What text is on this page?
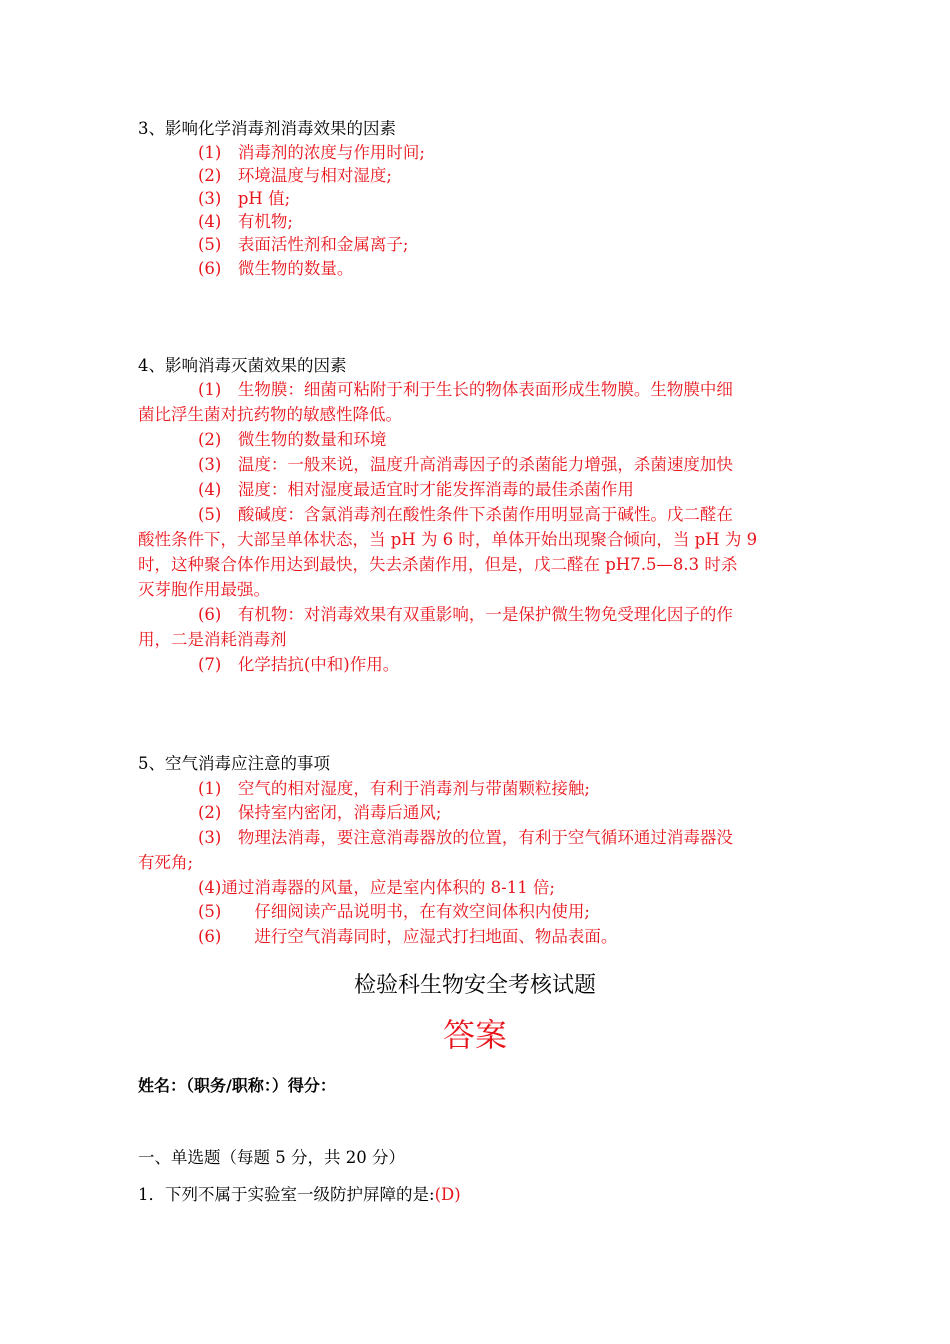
3、影响化学消毒剂消毒效果的因素
(1)　消毒剂的浓度与作用时间;
(2)　环境温度与相对湿度;
(3)　pH 值;
(4)　有机物;
(5)　表面活性剂和金属离子;
(6)　微生物的数量。
4、影响消毒灭菌效果的因素
(1)　生物膜：细菌可粘附于利于生长的物体表面形成生物膜。生物膜中细
菌比浮生菌对抗药物的敏感性降低。
(2)　微生物的数量和环境
(3)　温度：一般来说，温度升高消毒因子的杀菌能力增强，杀菌速度加快
(4)　湿度：相对湿度最适宜时才能发挥消毒的最佳杀菌作用
(5)　酸碱度：含氯消毒剂在酸性条件下杀菌作用明显高于碱性。戊二醛在
酸性条件下，大部呈单体状态，当 pH 为 6 时，单体开始出现聚合倾向，当 pH 为 9
时，这种聚合体作用达到最快，失去杀菌作用，但是，戊二醛在 pH7.5—8.3 时杀
灭芽胞作用最强。
(6)　有机物：对消毒效果有双重影响，一是保护微生物免受理化因子的作
用，二是消耗消毒剂
(7)　化学拮抗(中和)作用。
5、空气消毒应注意的事项
(1)　空气的相对湿度，有利于消毒剂与带菌颗粒接触;
(2)　保持室内密闭，消毒后通风;
(3)　物理法消毒，要注意消毒器放的位置，有利于空气循环通过消毒器没
有死角;
(4)通过消毒器的风量，应是室内体积的 8-11 倍;
(5)　　仔细阅读产品说明书，在有效空间体积内使用;
(6)　　进行空气消毒同时，应湿式打扫地面、物品表面。
检验科生物安全考核试题
答案
姓名：（职务/职称：）得分：
一、单选题（每题 5 分，共 20 分）
1．下列不属于实验室一级防护屏障的是:(D)
